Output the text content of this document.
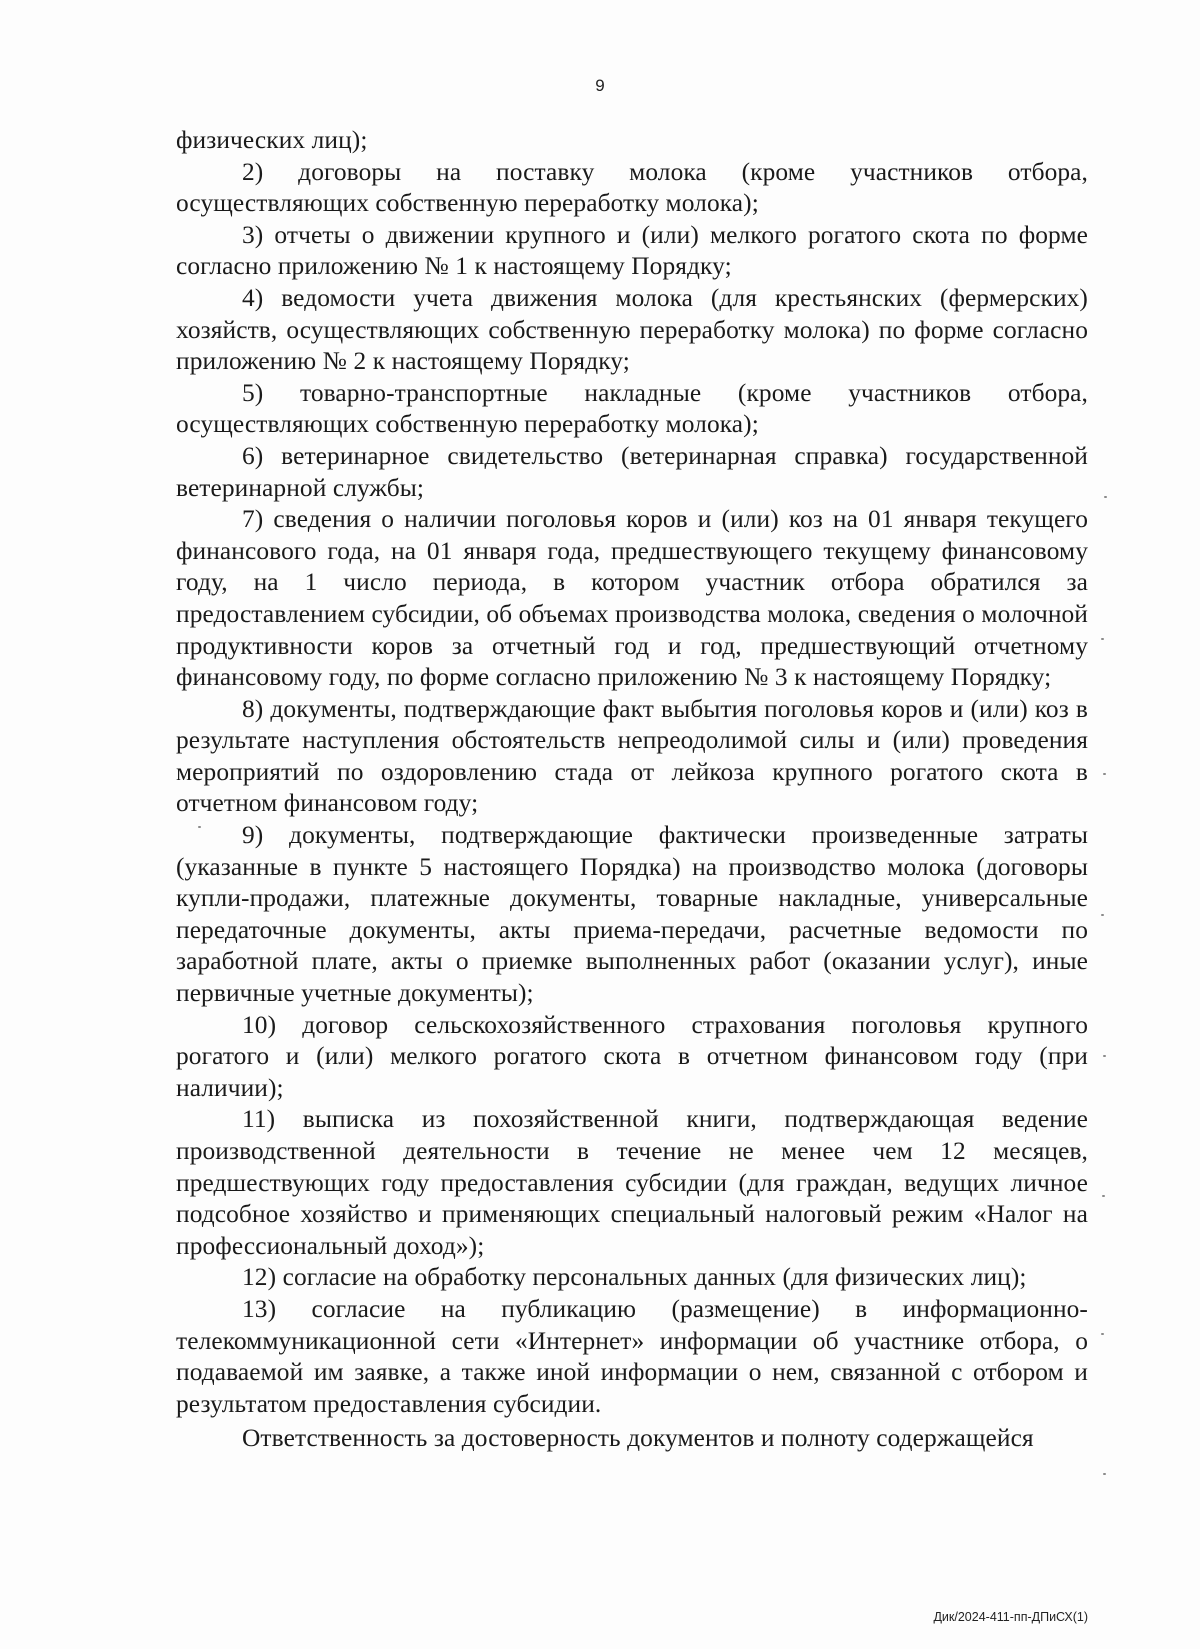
9

физических лиц);

2) договоры на поставку молока (кроме участников отбора, осуществляющих собственную переработку молока);

3) отчеты о движении крупного и (или) мелкого рогатого скота по форме согласно приложению № 1 к настоящему Порядку;

4) ведомости учета движения молока (для крестьянских (фермерских) хозяйств, осуществляющих собственную переработку молока) по форме согласно приложению № 2 к настоящему Порядку;

5) товарно-транспортные накладные (кроме участников отбора, осуществляющих собственную переработку молока);

6) ветеринарное свидетельство (ветеринарная справка) государственной ветеринарной службы;

7) сведения о наличии поголовья коров и (или) коз на 01 января текущего финансового года, на 01 января года, предшествующего текущему финансовому году, на 1 число периода, в котором участник отбора обратился за предоставлением субсидии, об объемах производства молока, сведения о молочной продуктивности коров за отчетный год и год, предшествующий отчетному финансовому году, по форме согласно приложению № 3 к настоящему Порядку;

8) документы, подтверждающие факт выбытия поголовья коров и (или) коз в результате наступления обстоятельств непреодолимой силы и (или) проведения мероприятий по оздоровлению стада от лейкоза крупного рогатого скота в отчетном финансовом году;

9) документы, подтверждающие фактически произведенные затраты (указанные в пункте 5 настоящего Порядка) на производство молока (договоры купли-продажи, платежные документы, товарные накладные, универсальные передаточные документы, акты приема-передачи, расчетные ведомости по заработной плате, акты о приемке выполненных работ (оказании услуг), иные первичные учетные документы);

10) договор сельскохозяйственного страхования поголовья крупного рогатого и (или) мелкого рогатого скота в отчетном финансовом году (при наличии);

11) выписка из похозяйственной книги, подтверждающая ведение производственной деятельности в течение не менее чем 12 месяцев, предшествующих году предоставления субсидии (для граждан, ведущих личное подсобное хозяйство и применяющих специальный налоговый режим «Налог на профессиональный доход»);

12) согласие на обработку персональных данных (для физических лиц);

13) согласие на публикацию (размещение) в информационно-телекоммуникационной сети «Интернет» информации об участнике отбора, о подаваемой им заявке, а также иной информации о нем, связанной с отбором и результатом предоставления субсидии.

Ответственность за достоверность документов и полноту содержащейся

Дик/2024-411-пп-ДПиСХ(1)
